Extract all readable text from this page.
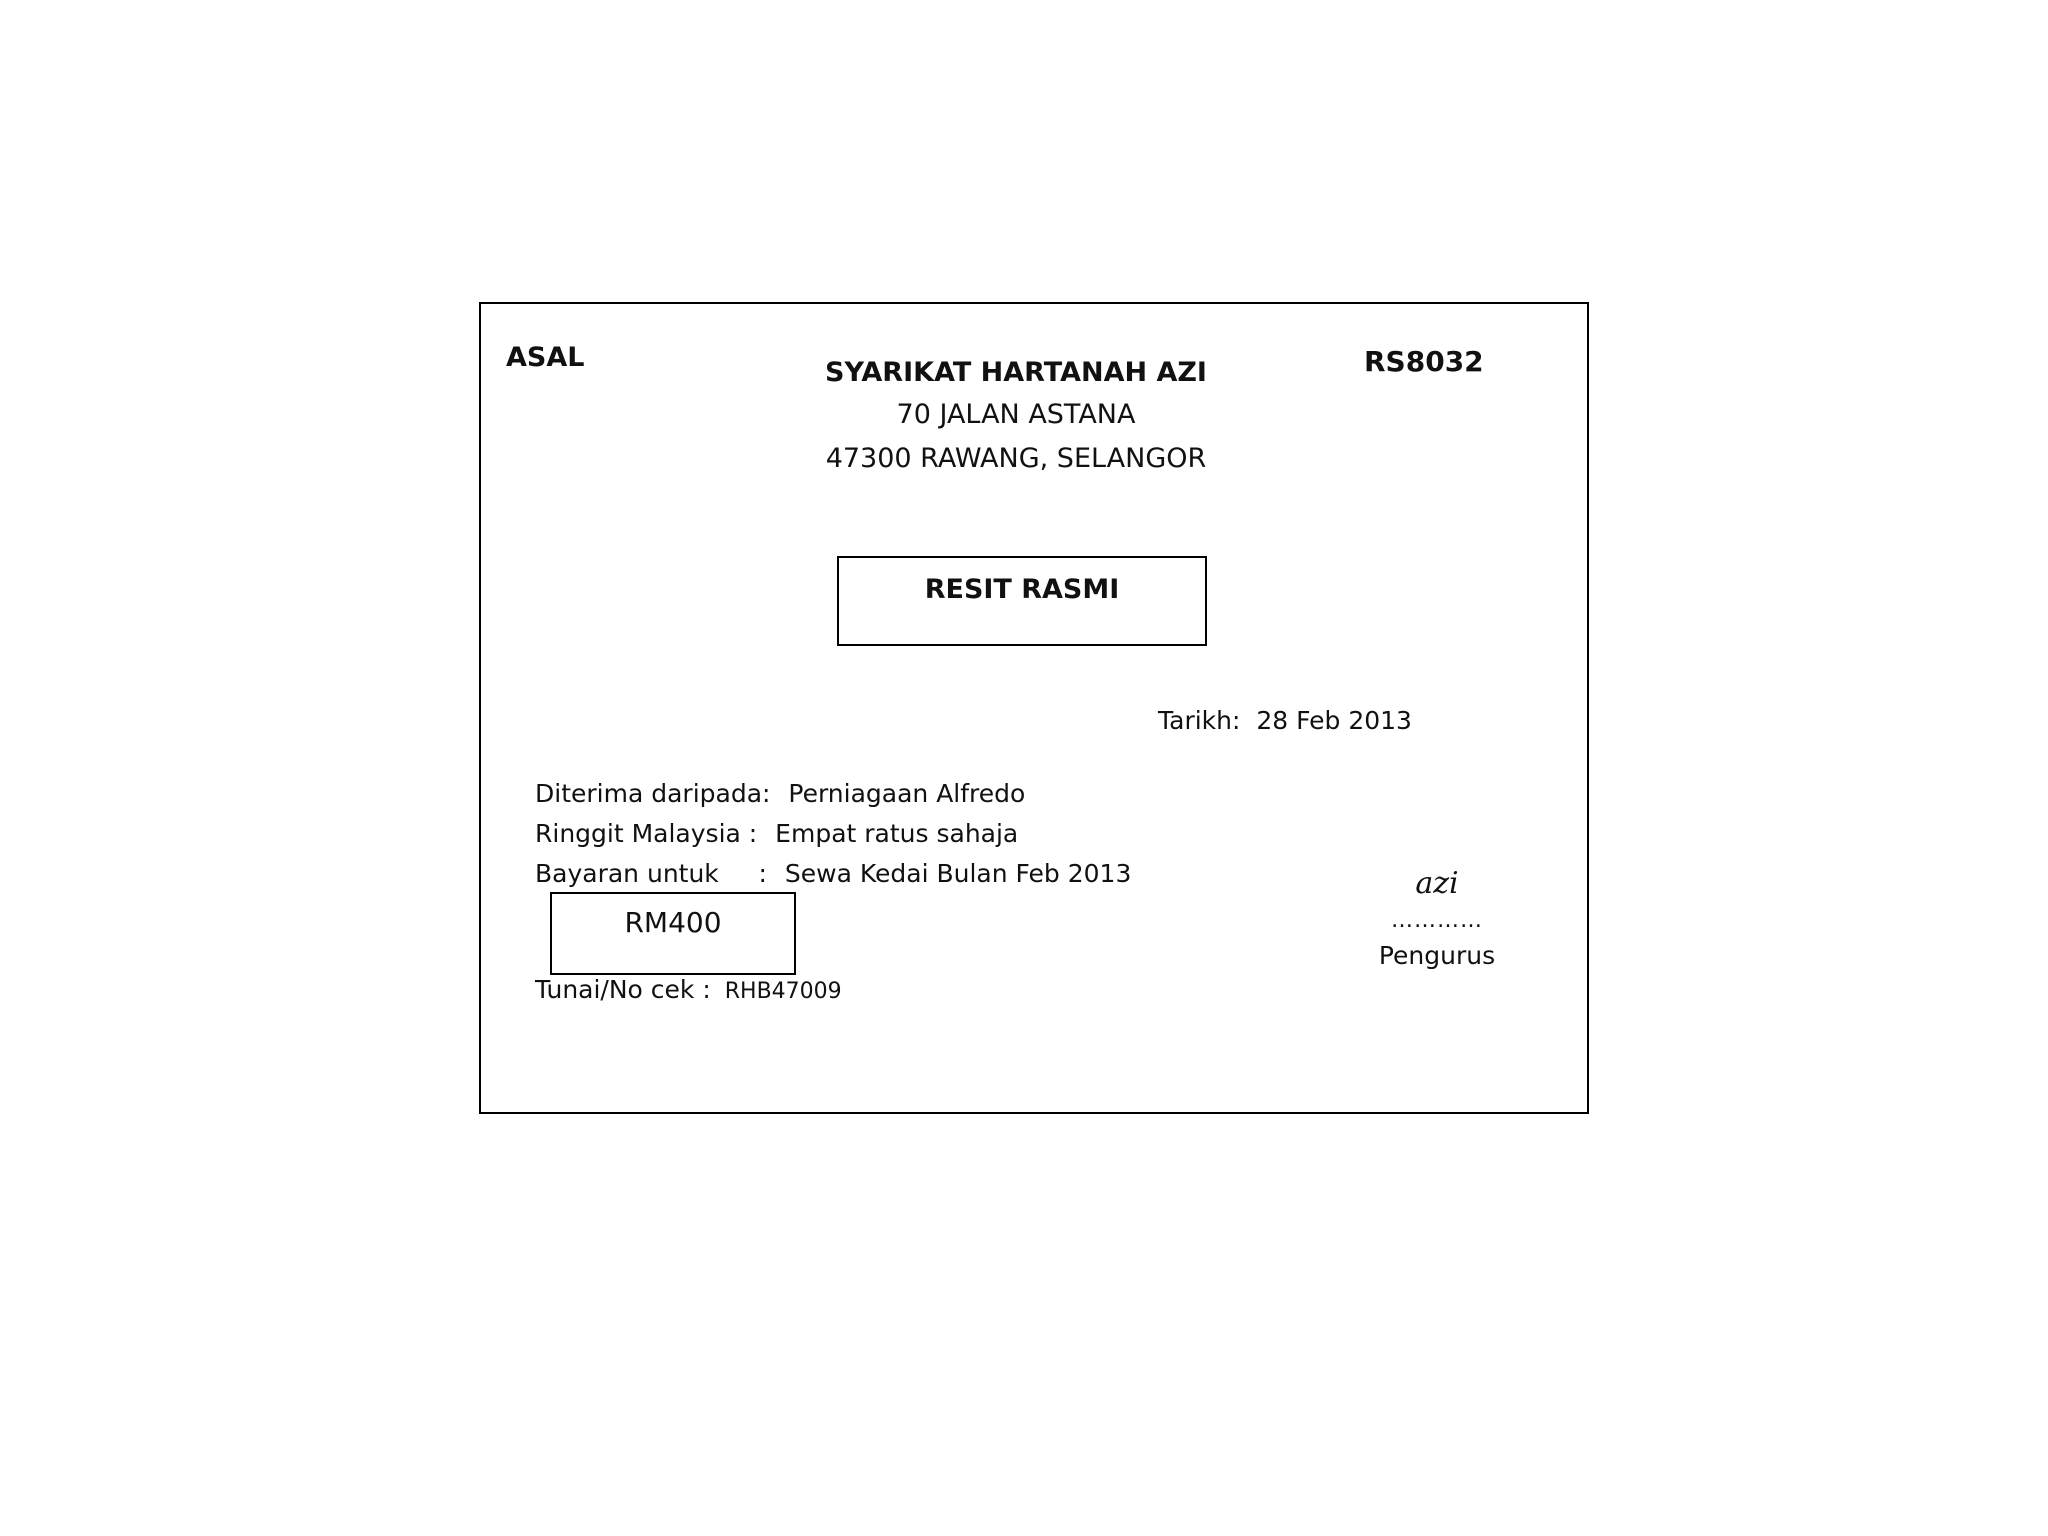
ASAL	RS8032
SYARIKAT HARTANAH AZI
70 JALAN ASTANA
47300 RAWANG, SELANGOR
RESIT RASMI
Tarikh: 28 Feb 2013
Diterima daripada: Perniagaan Alfredo
Ringgit Malaysia : Empat ratus sahaja
Bayaran untuk     : Sewa Kedai Bulan Feb 2013
RM400
Tunai/No cek : RHB47009
azi
…………
Pengurus
